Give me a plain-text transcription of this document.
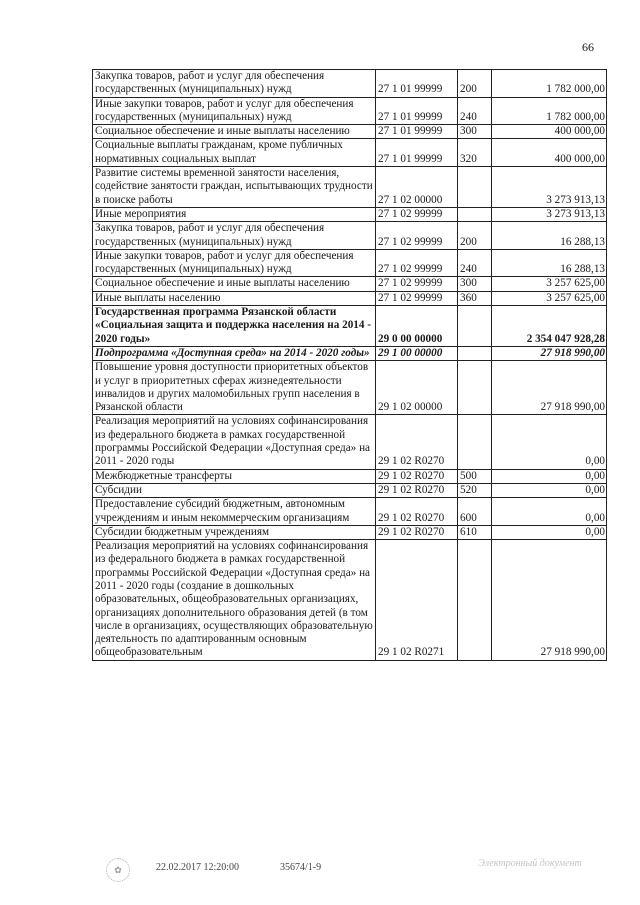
66
Закупка товаров, работ и услуг для обеспечения государственных (муниципальных) нужд	27 1 01 99999	200	1 782 000,00
Иные закупки товаров, работ и услуг для обеспечения государственных (муниципальных) нужд	27 1 01 99999	240	1 782 000,00
Социальное обеспечение и иные выплаты населению	27 1 01 99999	300	400 000,00
Социальные выплаты гражданам, кроме публичных нормативных социальных выплат	27 1 01 99999	320	400 000,00
Развитие системы временной занятости населения, содействие занятости граждан, испытывающих трудности в поиске работы	27 1 02 00000		3 273 913,13
Иные мероприятия	27 1 02 99999		3 273 913,13
Закупка товаров, работ и услуг для обеспечения государственных (муниципальных) нужд	27 1 02 99999	200	16 288,13
Иные закупки товаров, работ и услуг для обеспечения государственных (муниципальных) нужд	27 1 02 99999	240	16 288,13
Социальное обеспечение и иные выплаты населению	27 1 02 99999	300	3 257 625,00
Иные выплаты населению	27 1 02 99999	360	3 257 625,00
Государственная программа Рязанской области «Социальная защита и поддержка населения на 2014 - 2020 годы»	29 0 00 00000		2 354 047 928,28
Подпрограмма «Доступная среда» на 2014 - 2020 годы»	29 1 00 00000		27 918 990,00
Повышение уровня доступности приоритетных объектов и услуг в приоритетных сферах жизнедеятельности инвалидов и других маломобильных групп населения в Рязанской области	29 1 02 00000		27 918 990,00
Реализация мероприятий на условиях софинансирования из федерального бюджета в рамках государственной программы Российской Федерации «Доступная среда» на 2011 - 2020 годы	29 1 02 R0270		0,00
Межбюджетные трансферты	29 1 02 R0270	500	0,00
Субсидии	29 1 02 R0270	520	0,00
Предоставление субсидий бюджетным, автономным учреждениям и иным некоммерческим организациям	29 1 02 R0270	600	0,00
Субсидии бюджетным учреждениям	29 1 02 R0270	610	0,00
Реализация мероприятий на условиях софинансирования из федерального бюджета в рамках государственной программы Российской Федерации «Доступная среда» на 2011 - 2020 годы (создание в дошкольных образовательных, общеобразовательных организациях, организациях дополнительного образования детей (в том числе в организациях, осуществляющих образовательную деятельность по адаптированным основным общеобразовательным	29 1 02 R0271		27 918 990,00
✿	22.02.2017 12:20:00	35674/1-9	Электронный документ
